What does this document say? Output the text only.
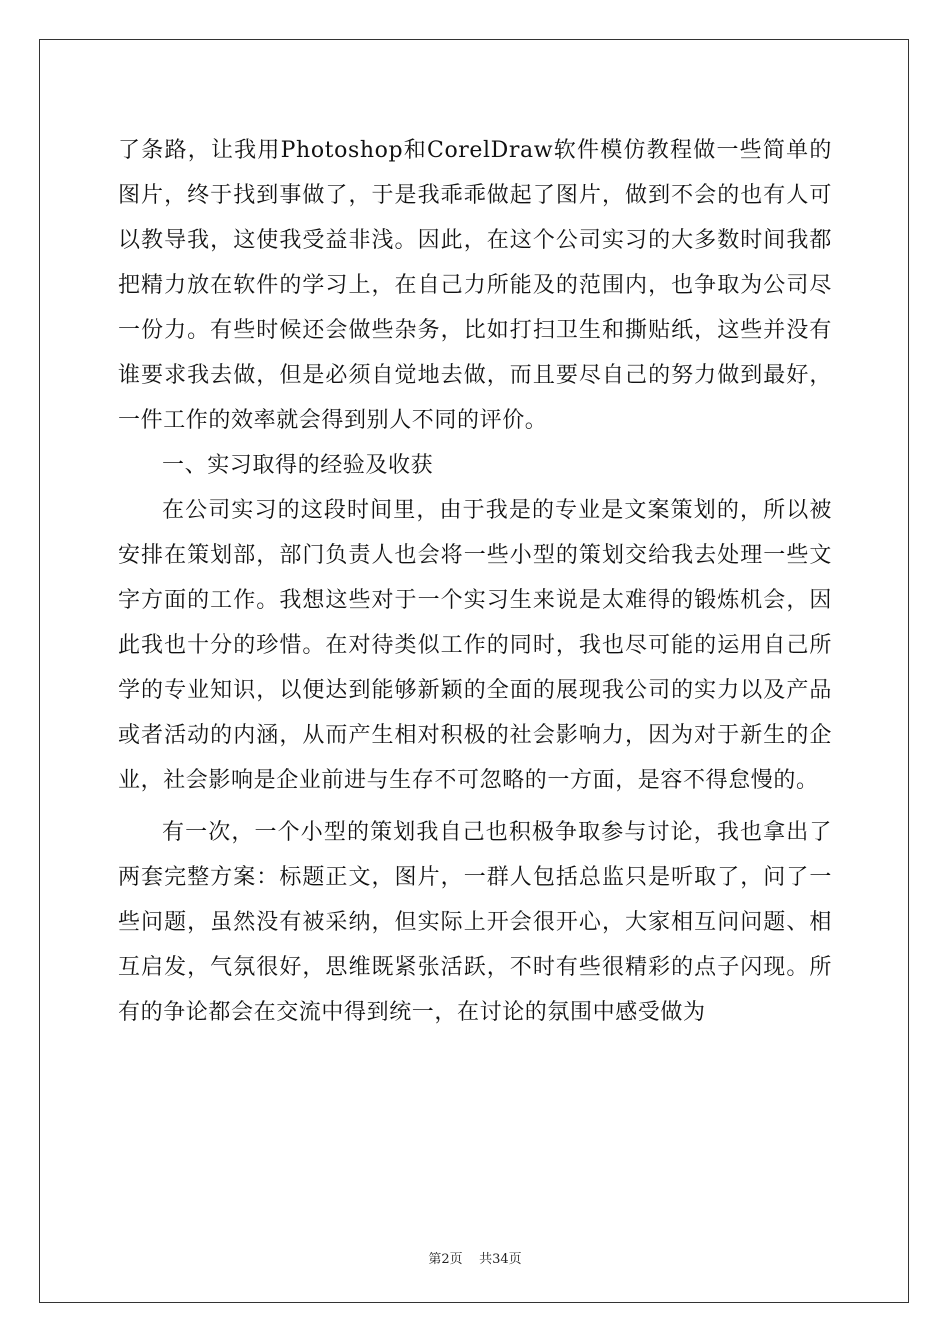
了条路，让我用Photoshop和CorelDraw软件模仿教程做一些简单的图片，终于找到事做了，于是我乖乖做起了图片，做到不会的也有人可以教导我，这使我受益非浅。因此，在这个公司实习的大多数时间我都把精力放在软件的学习上，在自己力所能及的范围内，也争取为公司尽一份力。有些时候还会做些杂务，比如打扫卫生和撕贴纸，这些并没有谁要求我去做，但是必须自觉地去做，而且要尽自己的努力做到最好，一件工作的效率就会得到别人不同的评价。

一、实习取得的经验及收获

在公司实习的这段时间里，由于我是的专业是文案策划的，所以被安排在策划部，部门负责人也会将一些小型的策划交给我去处理一些文字方面的工作。我想这些对于一个实习生来说是太难得的锻炼机会，因此我也十分的珍惜。在对待类似工作的同时，我也尽可能的运用自己所学的专业知识，以便达到能够新颖的全面的展现我公司的实力以及产品或者活动的内涵，从而产生相对积极的社会影响力，因为对于新生的企业，社会影响是企业前进与生存不可忽略的一方面，是容不得怠慢的。

有一次，一个小型的策划我自己也积极争取参与讨论，我也拿出了两套完整方案：标题正文，图片，一群人包括总监只是听取了，问了一些问题，虽然没有被采纳，但实际上开会很开心，大家相互问问题、相互启发，气氛很好，思维既紧张活跃，不时有些很精彩的点子闪现。所有的争论都会在交流中得到统一，在讨论的氛围中感受做为

第2页 共34页
